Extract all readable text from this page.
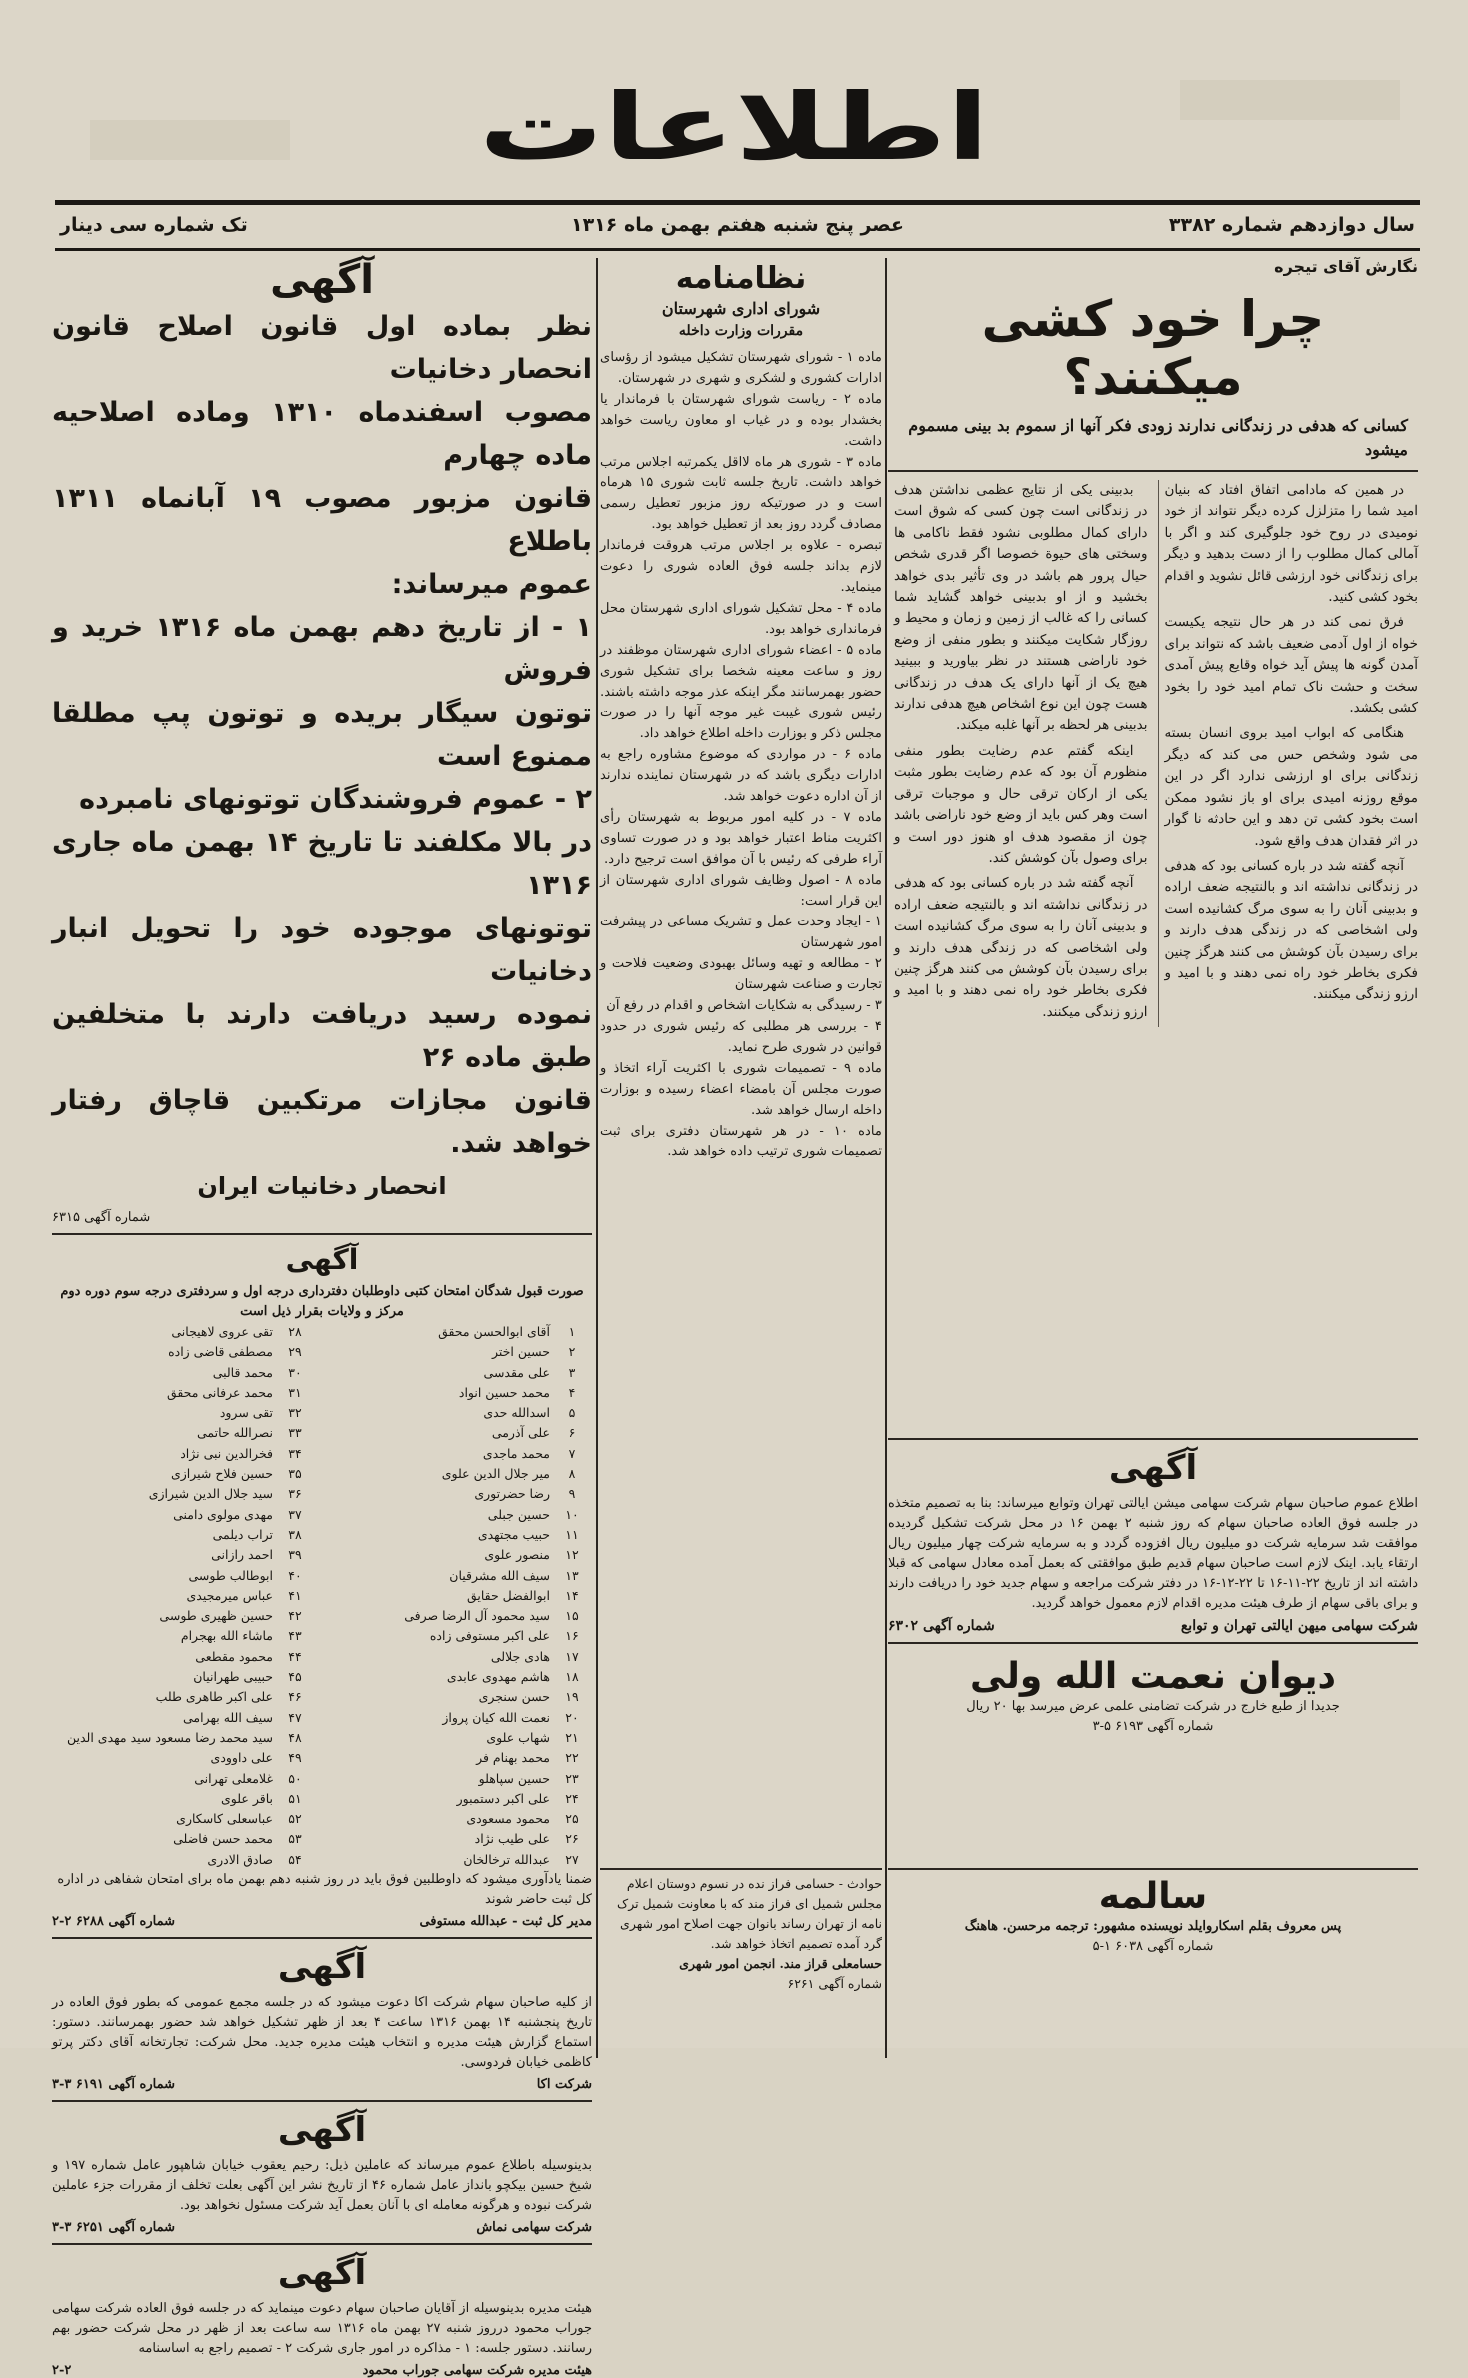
اطلاعات
سال دوازدهم شماره ۳۳۸۲
عصر پنج شنبه هفتم بهمن ماه ۱۳۱۶
تک شماره سی دینار
نگارش آقای تیجره
چرا خود کشی میکنند؟
کسانی که هدفی در زندگانی ندارند زودی فکر آنها از سموم بد بینی مسموم میشود

در همین که مادامی اتفاق افتاد که بنیان امید شما را متزلزل کرده دیگر نتواند از خود نومیدی در روح خود جلوگیری کند و اگر با آمالی کمال مطلوب را از دست بدهید و دیگر برای زندگانی خود ارزشی قائل نشوید و اقدام بخود کشی کنید.

فرق نمی کند در هر حال نتیجه یکیست خواه از اول آدمی ضعیف باشد که نتواند برای آمدن گونه ها پیش آید خواه وقایع پیش آمدی سخت و حشت ناک تمام امید خود را بخود کشی بکشد.

هنگامی که ابواب امید بروی انسان بسته می شود وشخص حس می کند که دیگر زندگانی برای او ارزشی ندارد اگر در این موقع روزنه امیدی برای او باز نشود ممکن است بخود کشی تن دهد و این حادثه نا گوار در اثر فقدان هدف واقع شود.

آنچه گفته شد در باره کسانی بود که هدفی در زندگانی نداشته اند و بالنتیجه ضعف اراده و بدبینی آنان را به سوی مرگ کشانیده است ولی اشخاصی که در زندگی هدف دارند و برای رسیدن بآن کوشش می کنند هرگز چنین فکری بخاطر خود راه نمی دهند و با امید و ارزو زندگی میکنند.

بدبینی یکی از نتایج عظمی نداشتن هدف در زندگانی است چون کسی که شوق است دارای کمال مطلوبی نشود فقط ناکامی ها وسختی های حیوة خصوصا اگر قدری شخص حیال پرور هم باشد در وی تأثیر بدی خواهد بخشید و از او بدبینی خواهد گشاید شما کسانی را که غالب از زمین و زمان و محیط و روزگار شکایت میکنند و بطور منفی از وضع خود ناراضی هستند در نظر بیاورید و ببینید هیچ یک از آنها دارای یک هدف در زندگانی هست چون این نوع اشخاص هیچ هدفی ندارند بدبینی هر لحظه بر آنها غلبه میکند.

اینکه گفتم عدم رضایت بطور منفی منظورم آن بود که عدم رضایت بطور مثبت یکی از ارکان ترقی حال و موجبات ترقی است وهر کس باید از وضع خود ناراضی باشد چون از مقصود هدف او هنوز دور است و برای وصول بآن کوشش کند.

آنچه گفته شد در باره کسانی بود که هدفی در زندگانی نداشته اند و بالنتیجه ضعف اراده و بدبینی آنان را به سوی مرگ کشانیده است ولی اشخاصی که در زندگی هدف دارند و برای رسیدن بآن کوشش می کنند هرگز چنین فکری بخاطر خود راه نمی دهند و با امید و ارزو زندگی میکنند.

آگهی
اطلاع عموم صاحبان سهام شرکت سهامی میشن ایالتی تهران وتوابع میرساند: بنا به تصمیم متخذه در جلسه فوق العاده صاحبان سهام که روز شنبه ۲ بهمن ۱۶ در محل شرکت تشکیل گردیده موافقت شد سرمایه شرکت دو میلیون ریال افزوده گردد و به سرمایه شرکت چهار میلیون ریال ارتقاء یابد. اینک لازم است صاحبان سهام قدیم طبق موافقتی که بعمل آمده معادل سهامی که قبلا داشته اند از تاریخ ۲۲-۱۱-۱۶ تا ۲۲-۱۲-۱۶ در دفتر شرکت مراجعه و سهام جدید خود را دریافت دارند و برای باقی سهام از طرف هیئت مدیره اقدام لازم معمول خواهد گردید.
شرکت سهامی میهن ایالتی تهران و توابع
شماره آگهی ۶۳۰۲
دیوان نعمت الله ولی
جدیدا از طبع خارج در شرکت تضامنی علمی عرض میرسد بها ۲۰ ریال
شماره آگهی ۶۱۹۳ ۵-۳
سالمه
پس معروف بقلم اسکاروایلد نویسنده مشهور: ترجمه مرحسن. هاهنگ
شماره آگهی ۶۰۳۸ ۱-۵
نظامنامه
شورای اداری شهرستان
مقررات وزارت داخله

ماده ۱ - شورای شهرستان تشکیل میشود از رؤسای ادارات کشوری و لشکری و شهری در شهرستان.

ماده ۲ - ریاست شورای شهرستان با فرماندار یا بخشدار بوده و در غیاب او معاون ریاست خواهد داشت.

ماده ۳ - شوری هر ماه لااقل یکمرتبه اجلاس مرتب خواهد داشت. تاریخ جلسه ثابت شوری ۱۵ هرماه است و در صورتیکه روز مزبور تعطیل رسمی مصادف گردد روز بعد از تعطیل خواهد بود.

تبصره - علاوه بر اجلاس مرتب هروقت فرماندار لازم بداند جلسه فوق العاده شوری را دعوت مینماید.

ماده ۴ - محل تشکیل شورای اداری شهرستان محل فرمانداری خواهد بود.

ماده ۵ - اعضاء شورای اداری شهرستان موظفند در روز و ساعت معینه شخصا برای تشکیل شوری حضور بهمرسانند مگر اینکه عذر موجه داشته باشند. رئیس شوری غیبت غیر موجه آنها را در صورت مجلس ذکر و بوزارت داخله اطلاع خواهد داد.

ماده ۶ - در مواردی که موضوع مشاوره راجع به ادارات دیگری باشد که در شهرستان نماینده ندارند از آن اداره دعوت خواهد شد.

ماده ۷ - در کلیه امور مربوط به شهرستان رأی اکثریت مناط اعتبار خواهد بود و در صورت تساوی آراء طرفی که رئیس با آن موافق است ترجیح دارد.

ماده ۸ - اصول وظایف شورای اداری شهرستان از این قرار است:

۱ - ایجاد وحدت عمل و تشریک مساعی در پیشرفت امور شهرستان

۲ - مطالعه و تهیه وسائل بهبودی وضعیت فلاحت و تجارت و صناعت شهرستان

۳ - رسیدگی به شکایات اشخاص و اقدام در رفع آن

۴ - بررسی هر مطلبی که رئیس شوری در حدود قوانین در شوری طرح نماید.

ماده ۹ - تصمیمات شوری با اکثریت آراء اتخاذ و صورت مجلس آن بامضاء اعضاء رسیده و بوزارت داخله ارسال خواهد شد.

ماده ۱۰ - در هر شهرستان دفتری برای ثبت تصمیمات شوری ترتیب داده خواهد شد.

حوادث - حسامی فراز نده در نسوم دوستان اعلام مجلس شمیل ای فراز مند که با معاونت شمیل ترک نامه از تهران رساند بانوان جهت اصلاح امور شهری گرد آمده تصمیم اتخاذ خواهد شد.
حسامعلی قراز مند. انجمن امور شهری
شماره آگهی ۶۲۶۱
آگهی
نظر بماده اول قانون اصلاح قانون انحصار دخانیات
مصوب اسفندماه ۱۳۱۰ وماده اصلاحیه ماده چهارم
قانون مزبور مصوب ۱۹ آبانماه ۱۳۱۱ باطلاع
عموم میرساند:
۱ - از تاریخ دهم بهمن ماه ۱۳۱۶ خرید و فروش
توتون سیگار بریده و توتون پپ مطلقا ممنوع است
۲ - عموم فروشندگان توتونهای نامبرده
در بالا مکلفند تا تاریخ ۱۴ بهمن ماه جاری ۱۳۱۶
توتونهای موجوده خود را تحویل انبار دخانیات
نموده رسید دریافت دارند با متخلفین طبق ماده ۲۶
قانون مجازات مرتکبین قاچاق رفتار خواهد شد.
انحصار دخانیات ایران
شماره آگهی ۶۳۱۵
آگهی
صورت قبول شدگان امتحان کتبی داوطلبان دفترداری درجه اول و سردفتری درجه سوم دوره دوم مرکز و ولایات بقرار ذیل است
۱	آقای ابوالحسن محقق
۲	حسین اختر
۳	علی مقدسی
۴	محمد حسین انواد
۵	اسدالله حدی
۶	علی آذرمی
۷	محمد ماجدی
۸	میر جلال الدین علوی
۹	رضا حضرتوری
۱۰	حسین جبلی
۱۱	حبیب مجتهدی
۱۲	منصور علوی
۱۳	سیف الله مشرقیان
۱۴	ابوالفضل حقایق
۱۵	سید محمود آل الرضا صرفی
۱۶	علی اکبر مستوفی زاده
۱۷	هادی جلالی
۱۸	هاشم مهدوی عابدی
۱۹	حسن سنجری
۲۰	نعمت الله کیان پرواز
۲۱	شهاب علوی
۲۲	محمد بهنام فر
۲۳	حسین سپاهلو
۲۴	علی اکبر دستمبور
۲۵	محمود مسعودی
۲۶	علی طیب نژاد
۲۷	عبدالله ترخالخان
۲۸	تقی عروی لاهیجانی
۲۹	مصطفی قاضی زاده
۳۰	محمد قالبی
۳۱	محمد عرفانی محقق
۳۲	تقی سرود
۳۳	نصرالله حاتمی
۳۴	فخرالدین نبی نژاد
۳۵	حسین فلاح شیرازی
۳۶	سید جلال الدین شیرازی
۳۷	مهدی مولوی دامنی
۳۸	تراب دیلمی
۳۹	احمد رازانی
۴۰	ابوطالب طوسی
۴۱	عباس میرمجیدی
۴۲	حسین ظهیری طوسی
۴۳	ماشاء الله بهجرام
۴۴	محمود مقطعی
۴۵	حبیبی طهرانیان
۴۶	علی اکبر طاهری طلب
۴۷	سیف الله بهرامی
۴۸	سید محمد رضا مسعود سید مهدی الدین
۴۹	علی داوودی
۵۰	غلامعلی تهرانی
۵۱	باقر علوی
۵۲	عباسعلی کاسکاری
۵۳	محمد حسن فاضلی
۵۴	صادق الادری
ضمنا یادآوری میشود که داوطلبین فوق باید در روز شنبه دهم بهمن ماه برای امتحان شفاهی در اداره کل ثبت حاضر شوند
مدیر کل ثبت - عبدالله مستوفی
شماره آگهی ۶۲۸۸ ۲-۲
آگهی
از کلیه صاحبان سهام شرکت اکا دعوت میشود که در جلسه مجمع عمومی که بطور فوق العاده در تاریخ پنجشنبه ۱۴ بهمن ۱۳۱۶ ساعت ۴ بعد از ظهر تشکیل خواهد شد حضور بهمرسانند. دستور: استماع گزارش هیئت مدیره و انتخاب هیئت مدیره جدید. محل شرکت: تجارتخانه آقای دکتر پرتو کاظمی خیابان فردوسی.
شرکت اکا
شماره آگهی ۶۱۹۱ ۳-۳
آگهی
بدینوسیله باطلاع عموم میرساند که عاملین ذیل: رحیم یعقوب خیابان شاهپور عامل شماره ۱۹۷ و شیخ حسین بیکچو بانداز عامل شماره ۴۶ از تاریخ نشر این آگهی بعلت تخلف از مقررات جزء عاملین شرکت نبوده و هرگونه معامله ای با آنان بعمل آید شرکت مسئول نخواهد بود.
شرکت سهامی نماش
شماره آگهی ۶۲۵۱ ۳-۳
آگهی
هیئت مدیره بدینوسیله از آقایان صاحبان سهام دعوت مینماید که در جلسه فوق العاده شرکت سهامی جوراب محمود درروز شنبه ۲۷ بهمن ماه ۱۳۱۶ سه ساعت بعد از ظهر در محل شرکت حضور بهم رسانند. دستور جلسه: ۱ - مذاکره در امور جاری شرکت ۲ - تصمیم راجع به اساسنامه
هیئت مدیره شرکت سهامی جوراب محمود
۲-۲
